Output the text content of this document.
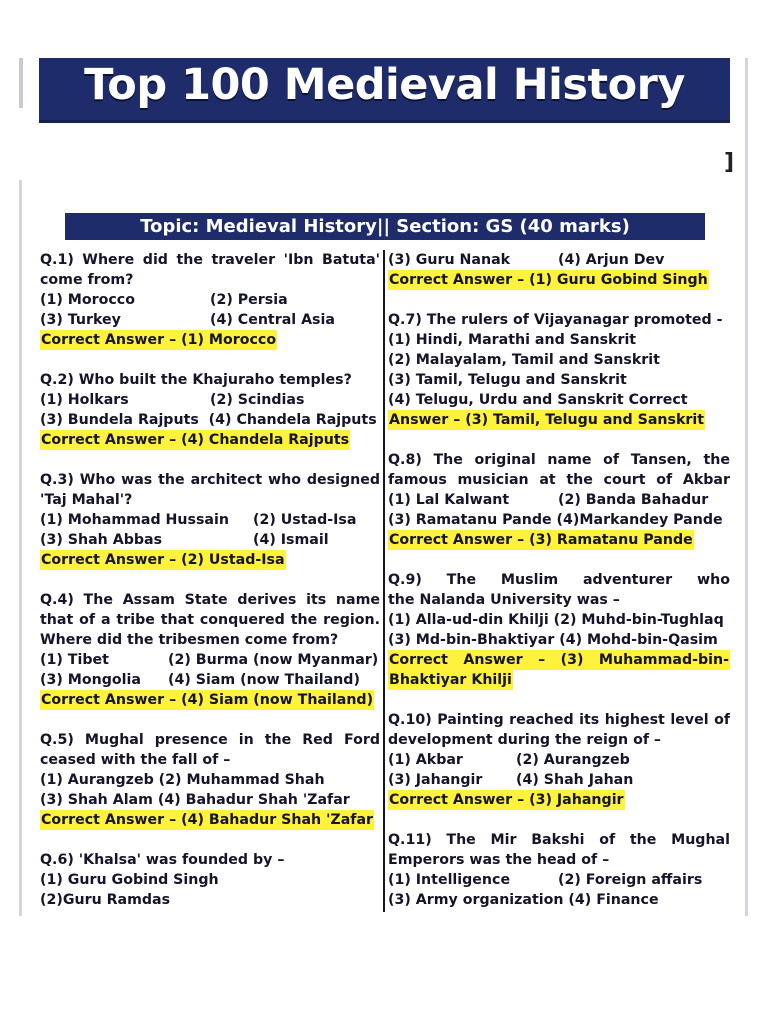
Top 100 Medieval History
]
Topic: Medieval History|| Section: GS (40 marks)
Q.1) Where did the traveler 'Ibn Batuta'
come from?
(1) Morocco	(2) Persia
(3) Turkey	(4) Central Asia
Correct Answer – (1) Morocco
Q.2) Who built the Khajuraho temples?
(1) Holkars	(2) Scindias
(3) Bundela Rajputs  (4) Chandela Rajputs
Correct Answer – (4) Chandela Rajputs
Q.3) Who was the architect who designed
'Taj Mahal'?
(1) Mohammad Hussain (2) Ustad-Isa
(3) Shah Abbas	(4) Ismail
Correct Answer – (2) Ustad-Isa
Q.4) The Assam State derives its name
that of a tribe that conquered the region.
Where did the tribesmen come from?
(1) Tibet	(2) Burma (now Myanmar)
(3) Mongolia (4) Siam (now Thailand)
Correct Answer – (4) Siam (now Thailand)
Q.5) Mughal presence in the Red Ford
ceased with the fall of –
(1) Aurangzeb (2) Muhammad Shah
(3) Shah Alam (4) Bahadur Shah 'Zafar
Correct Answer – (4) Bahadur Shah 'Zafar
Q.6) 'Khalsa' was founded by –
(1) Guru Gobind Singh
(2)Guru Ramdas
(3) Guru Nanak	(4) Arjun Dev
Correct Answer – (1) Guru Gobind Singh
Q.7) The rulers of Vijayanagar promoted -
(1) Hindi, Marathi and Sanskrit
(2) Malayalam, Tamil and Sanskrit
(3) Tamil, Telugu and Sanskrit
(4) Telugu, Urdu and Sanskrit Correct
Answer – (3) Tamil, Telugu and Sanskrit
Q.8) The original name of Tansen, the
famous musician at the court of Akbar
(1) Lal Kalwant	(2) Banda Bahadur
(3) Ramatanu Pande (4)Markandey Pande
Correct Answer – (3) Ramatanu Pande
Q.9) The Muslim adventurer who
the Nalanda University was –
(1) Alla-ud-din Khilji (2) Muhd-bin-Tughlaq
(3) Md-bin-Bhaktiyar (4) Mohd-bin-Qasim
Correct Answer – (3) Muhammad-bin-
Bhaktiyar Khilji
Q.10) Painting reached its highest level of
development during the reign of –
(1) Akbar	(2) Aurangzeb
(3) Jahangir (4) Shah Jahan
Correct Answer – (3) Jahangir
Q.11) The Mir Bakshi of the Mughal
Emperors was the head of –
(1) Intelligence	(2) Foreign affairs
(3) Army organization (4) Finance
